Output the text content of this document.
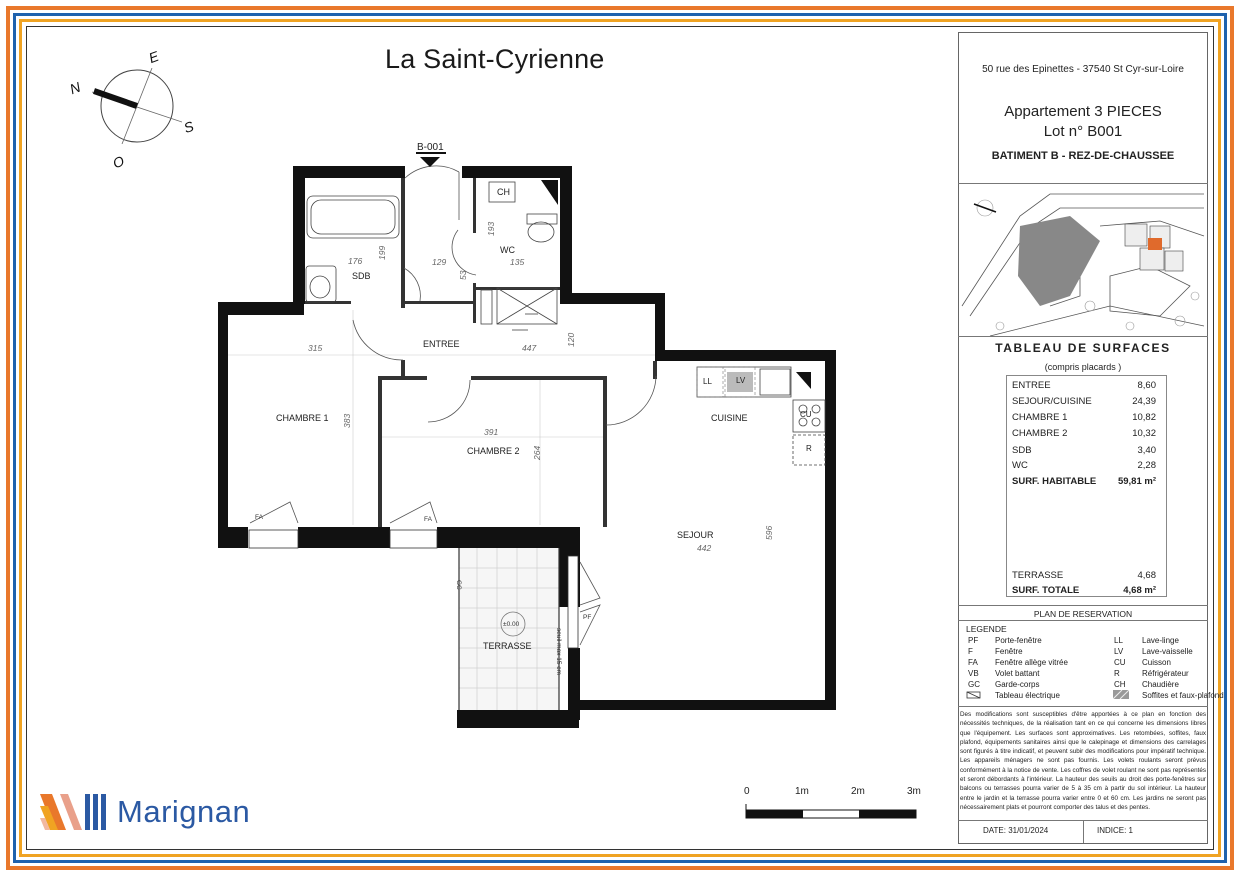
La Saint-Cyrienne
N
E
S
O
B-001
SDB
WC
ENTREE
CHAMBRE 1
CHAMBRE 2
CUISINE
SEJOUR
TERRASSE
176
199
129
193
135
53
315	447
120
383
391
264
442
596
seuil max 15 cm
±0.00
CH
LL	LV
CU
R
FA	FA
PF
GC
0	1m	2m	3m
Marignan
50 rue des Epinettes - 37540 St Cyr-sur-Loire
Appartement 3 PIECES
Lot n° B001
BATIMENT B - REZ-DE-CHAUSSEE
TABLEAU DE SURFACES
(compris placards )
ENTREE	8,60
SEJOUR/CUISINE	24,39
CHAMBRE 1	10,82
CHAMBRE 2	10,32
SDB	3,40
WC	2,28
SURF. HABITABLE 59,81 m²
TERRASSE	4,68
SURF. TOTALE	4,68 m²
PLAN DE RESERVATION
LEGENDE
PF Porte-fenêtre
F	Fenêtre
FA Fenêtre allège vitrée
VB Volet battant
GC Garde-corps
Tableau électrique
LL Lave-linge
LV Lave-vaisselle
CU Cuisson
R	Réfrigérateur
CH Chaudière
Soffites et faux-plafond
Des modifications sont susceptibles d'être apportées à ce plan en fonction des nécessités techniques, de la réalisation tant en ce qui concerne les dimensions libres que l'équipement. Les surfaces sont approximatives. Les retombées, soffites, faux plafond, équipements sanitaires ainsi que le calepinage et dimensions des carrelages sont figurés à titre indicatif, et peuvent subir des modifications pour impératif technique. Les appareils ménagers ne sont pas fournis. Les volets roulants seront prévus conformément à la notice de vente. Les coffres de volet roulant ne sont pas représentés et seront débordants à l'intérieur. La hauteur des seuils au droit des porte-fenêtres sur balcons ou terrasses pourra varier de 5 à 35 cm à partir du sol intérieur. La hauteur entre le jardin et la terrasse pourra varier entre 0 et 60 cm. Les jardins ne seront pas nécessairement plats et pourront comporter des talus et des pentes.
DATE: 31/01/2024	INDICE: 1
